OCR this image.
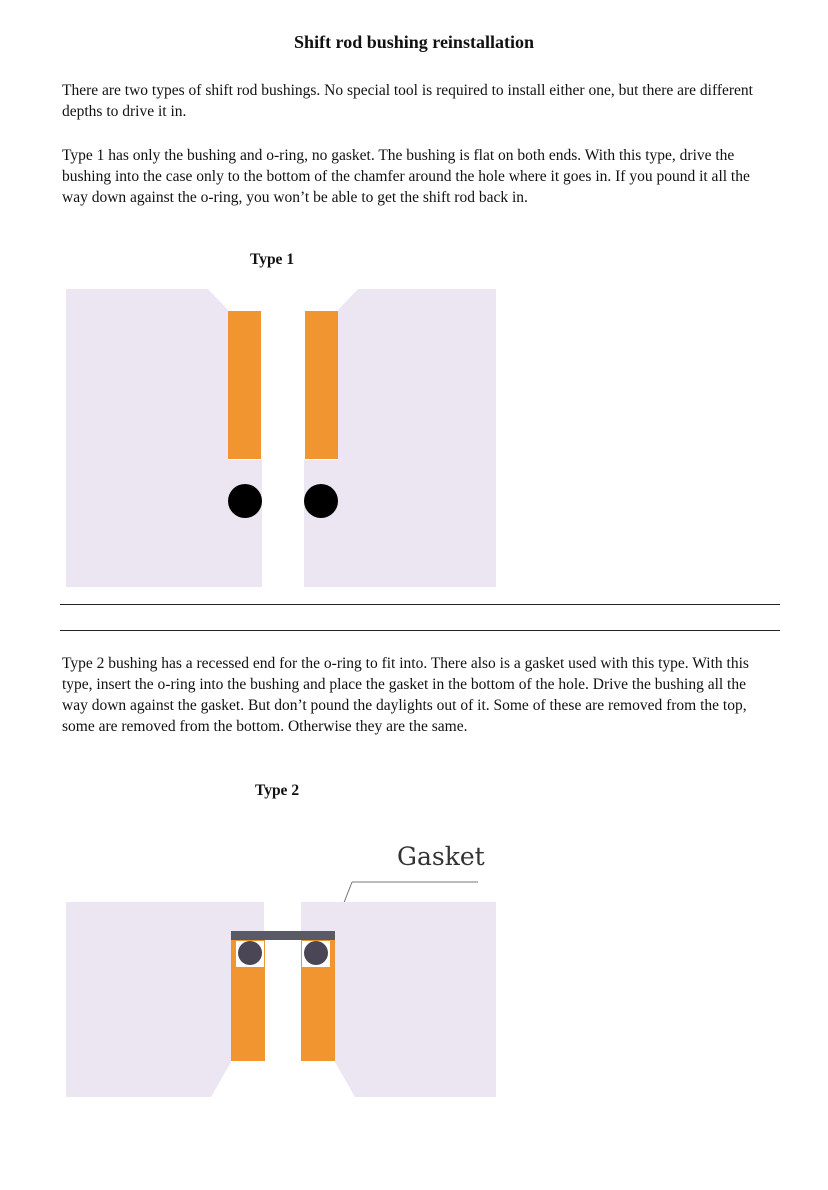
Shift rod bushing reinstallation

There are two types of shift rod bushings. No special tool is required to install either one, but there are different depths to drive it in.

Type 1 has only the bushing and o-ring, no gasket. The bushing is flat on both ends. With this type, drive the bushing into the case only to the bottom of the chamfer around the hole where it goes in. If you pound it all the way down against the o-ring, you won’t be able to get the shift rod back in.

Type 1

Type 2 bushing has a recessed end for the o-ring to fit into. There also is a gasket used with this type. With this type, insert the o-ring into the bushing and place the gasket in the bottom of the hole. Drive the bushing all the way down against the gasket. But don’t pound the daylights out of it. Some of these are removed from the top, some are removed from the bottom. Otherwise they are the same.

Type 2
Gasket
